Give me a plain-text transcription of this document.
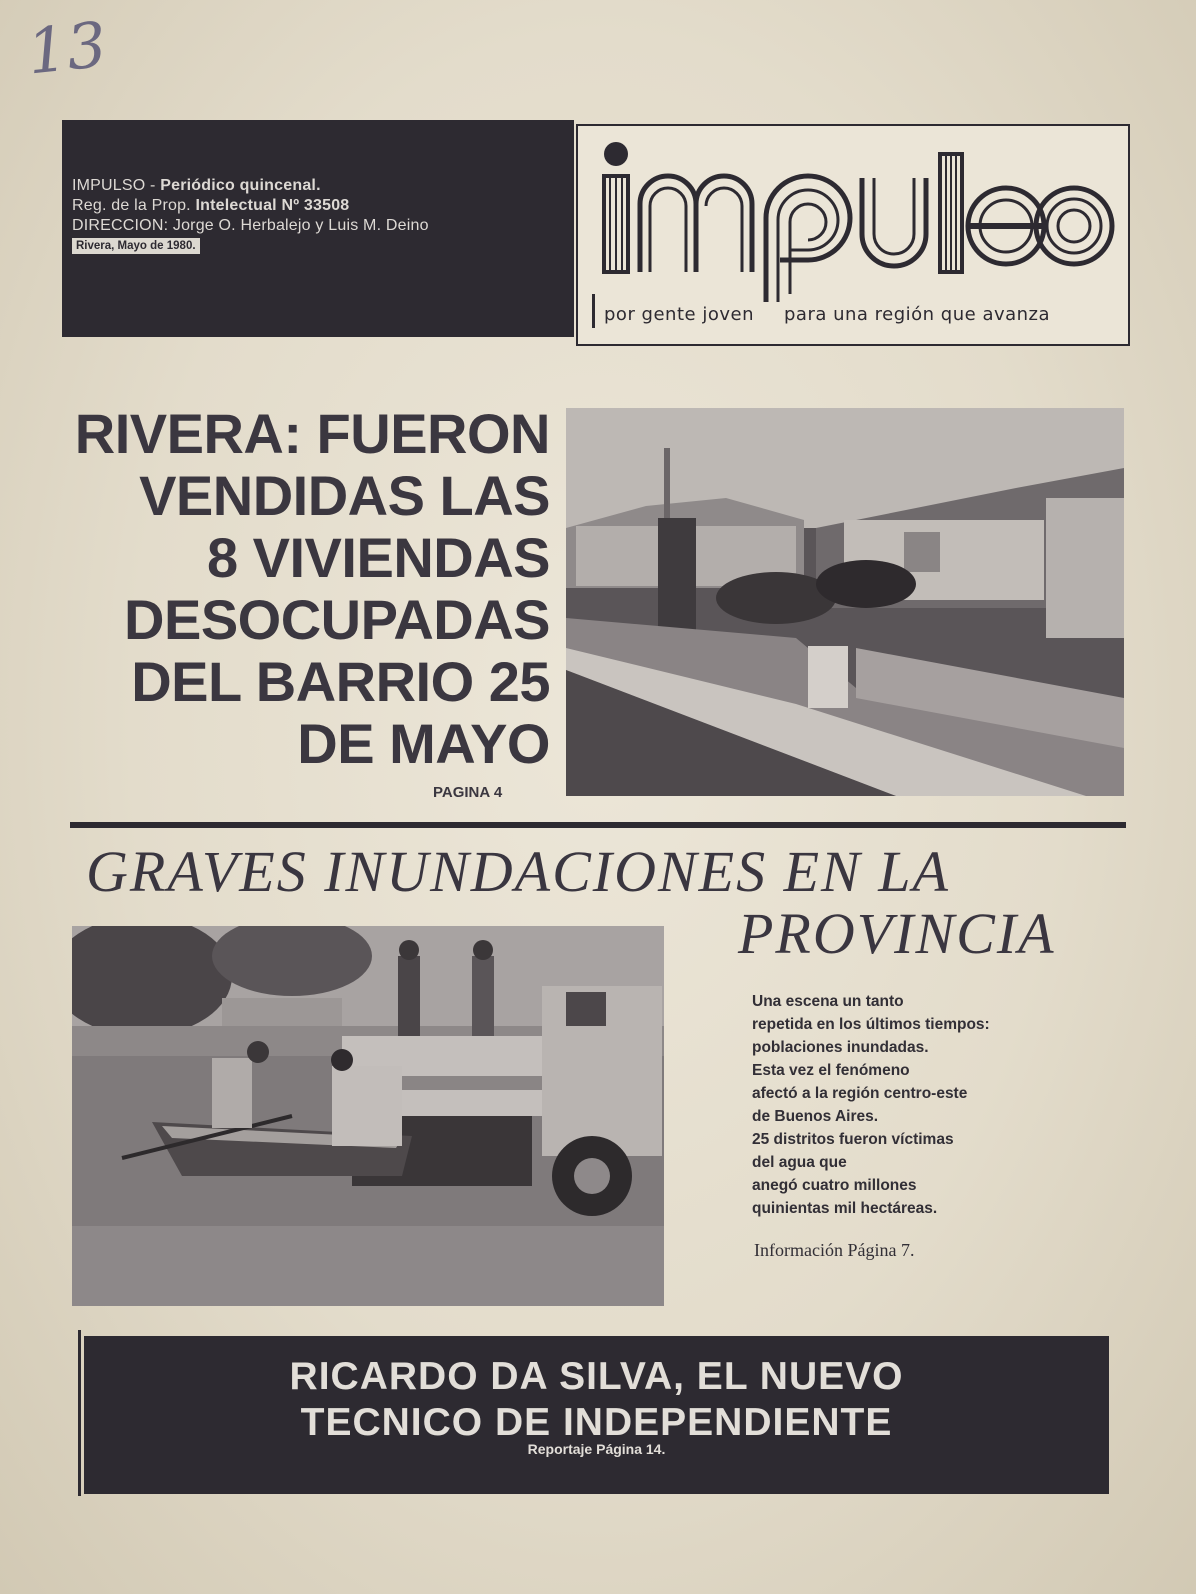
13
IMPULSO - Periódico quincenal.
Reg. de la Prop. Intelectual Nº 33508
DIRECCION: Jorge O. Herbalejo y Luis M. Deino
Rivera, Mayo de 1980.
por gente joven para una región que avanza
RIVERA: FUERON
VENDIDAS LAS
8 VIVIENDAS
DESOCUPADAS
DEL BARRIO 25
DE MAYO
PAGINA 4
GRAVES INUNDACIONES EN LA
PROVINCIA
Una escena un tanto
repetida en los últimos tiempos:
poblaciones inundadas.
Esta vez el fenómeno
afectó a la región centro-este
de Buenos Aires.
25 distritos fueron víctimas
del agua que
anegó cuatro millones
quinientas mil hectáreas.
Información Página 7.
RICARDO DA SILVA, EL NUEVO
TECNICO DE INDEPENDIENTE
Reportaje Página 14.
